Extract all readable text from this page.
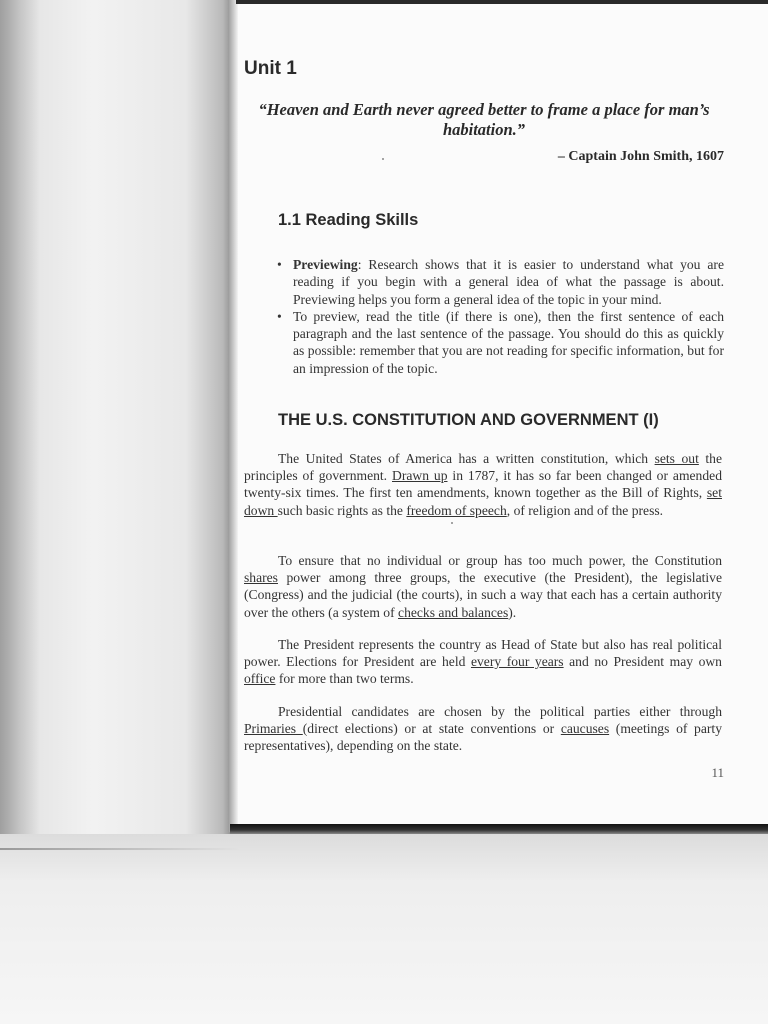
Unit 1

“Heaven and Earth never agreed better to frame a place for man’s habitation.”

– Captain John Smith, 1607

1.1 Reading Skills
• Previewing: Research shows that it is easier to understand what you are reading if you begin with a general idea of what the passage is about. Previewing helps you form a general idea of the topic in your mind.
• To preview, read the title (if there is one), then the first sentence of each paragraph and the last sentence of the passage. You should do this as quickly as possible: remember that you are not reading for specific information, but for an impression of the topic.
THE U.S. CONSTITUTION AND GOVERNMENT (I)

The United States of America has a written constitution, which sets out the principles of government. Drawn up in 1787, it has so far been changed or amended twenty-six times. The first ten amendments, known together as the Bill of Rights, set down such basic rights as the freedom of speech, of religion and of the press.

To ensure that no individual or group has too much power, the Constitution shares power among three groups, the executive (the President), the legislative (Congress) and the judicial (the courts), in such a way that each has a certain authority over the others (a system of checks and balances).

The President represents the country as Head of State but also has real political power. Elections for President are held every four years and no President may own office for more than two terms.

Presidential candidates are chosen by the political parties either through Primaries (direct elections) or at state conventions or caucuses (meetings of party representatives), depending on the state.

11
